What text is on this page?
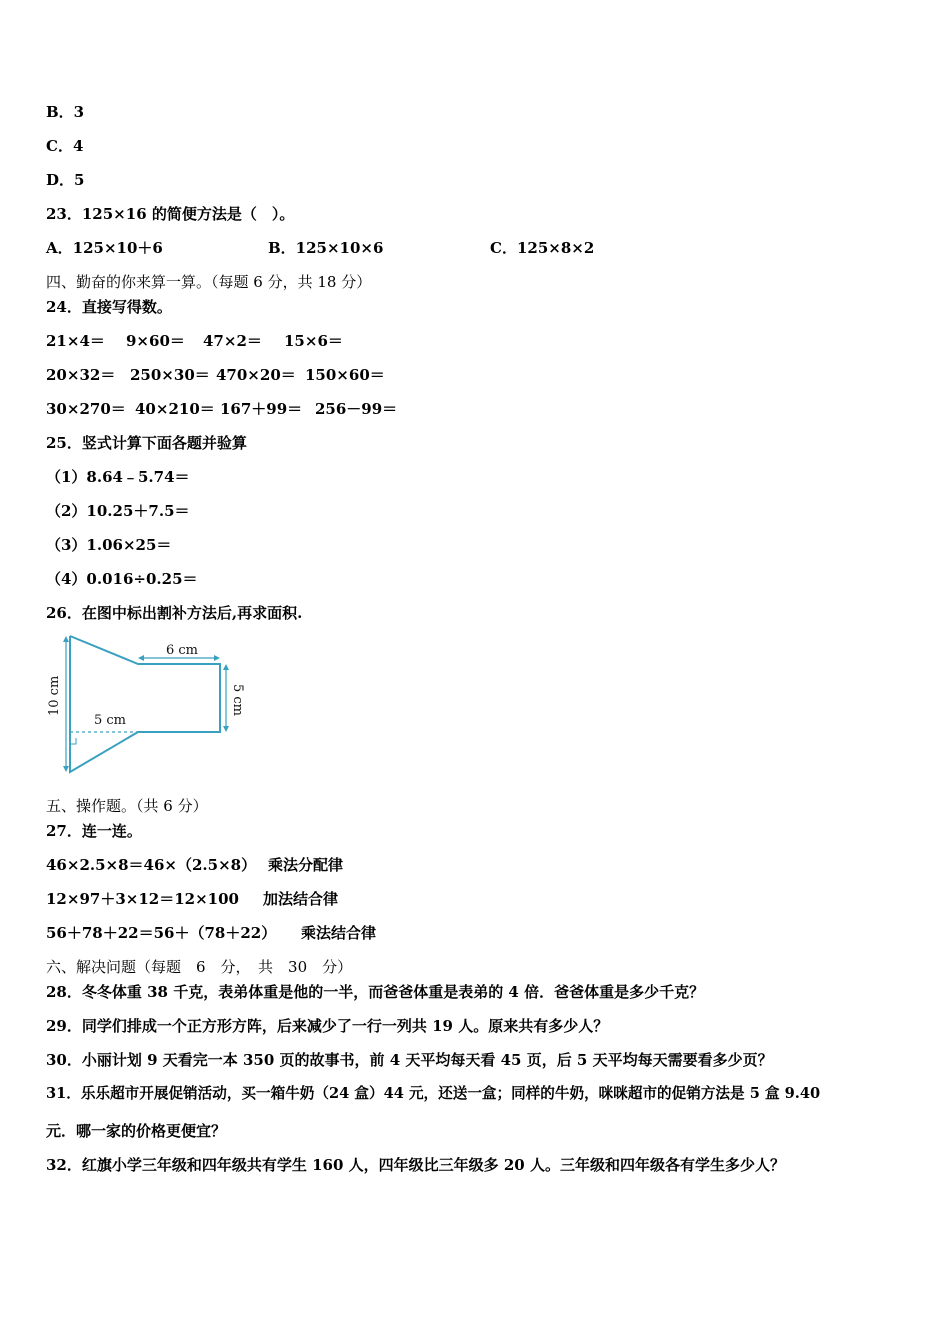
B．3
C．4
D．5
23．125×16 的简便方法是（　）。
A．125×10＋6	B．125×10×6	C．125×8×2
四、勤奋的你来算一算。（每题 6 分，共 18 分）
24．直接写得数。
21×4＝ 9×60＝ 47×2＝ 15×6＝
20×32＝ 250×30＝ 470×20＝ 150×60＝
30×270＝ 40×210＝ 167＋99＝ 256－99＝
25．竖式计算下面各题并验算
（1）8.64﹣5.74＝
（2）10.25＋7.5＝
（3）1.06×25＝
（4）0.016÷0.25＝
26．在图中标出割补方法后,再求面积.
6 cm
5 cm
10 cm	5 cm
五、操作题。（共 6 分）
27．连一连。
46×2.5×8＝46×（2.5×8） 乘法分配律
12×97＋3×12＝12×100 加法结合律
56＋78＋22＝56＋（78＋22） 乘法结合律
六、解决问题（每题　6　分，　共　30　分）
28．冬冬体重 38 千克，表弟体重是他的一半，而爸爸体重是表弟的 4 倍．爸爸体重是多少千克？
29．同学们排成一个正方形方阵，后来减少了一行一列共 19 人。原来共有多少人？
30．小丽计划 9 天看完一本 350 页的故事书，前 4 天平均每天看 45 页，后 5 天平均每天需要看多少页？
31．乐乐超市开展促销活动，买一箱牛奶（24 盒）44 元，还送一盒；同样的牛奶，咪咪超市的促销方法是 5 盒 9.40
元．哪一家的价格更便宜？
32．红旗小学三年级和四年级共有学生 160 人，四年级比三年级多 20 人。三年级和四年级各有学生多少人？
